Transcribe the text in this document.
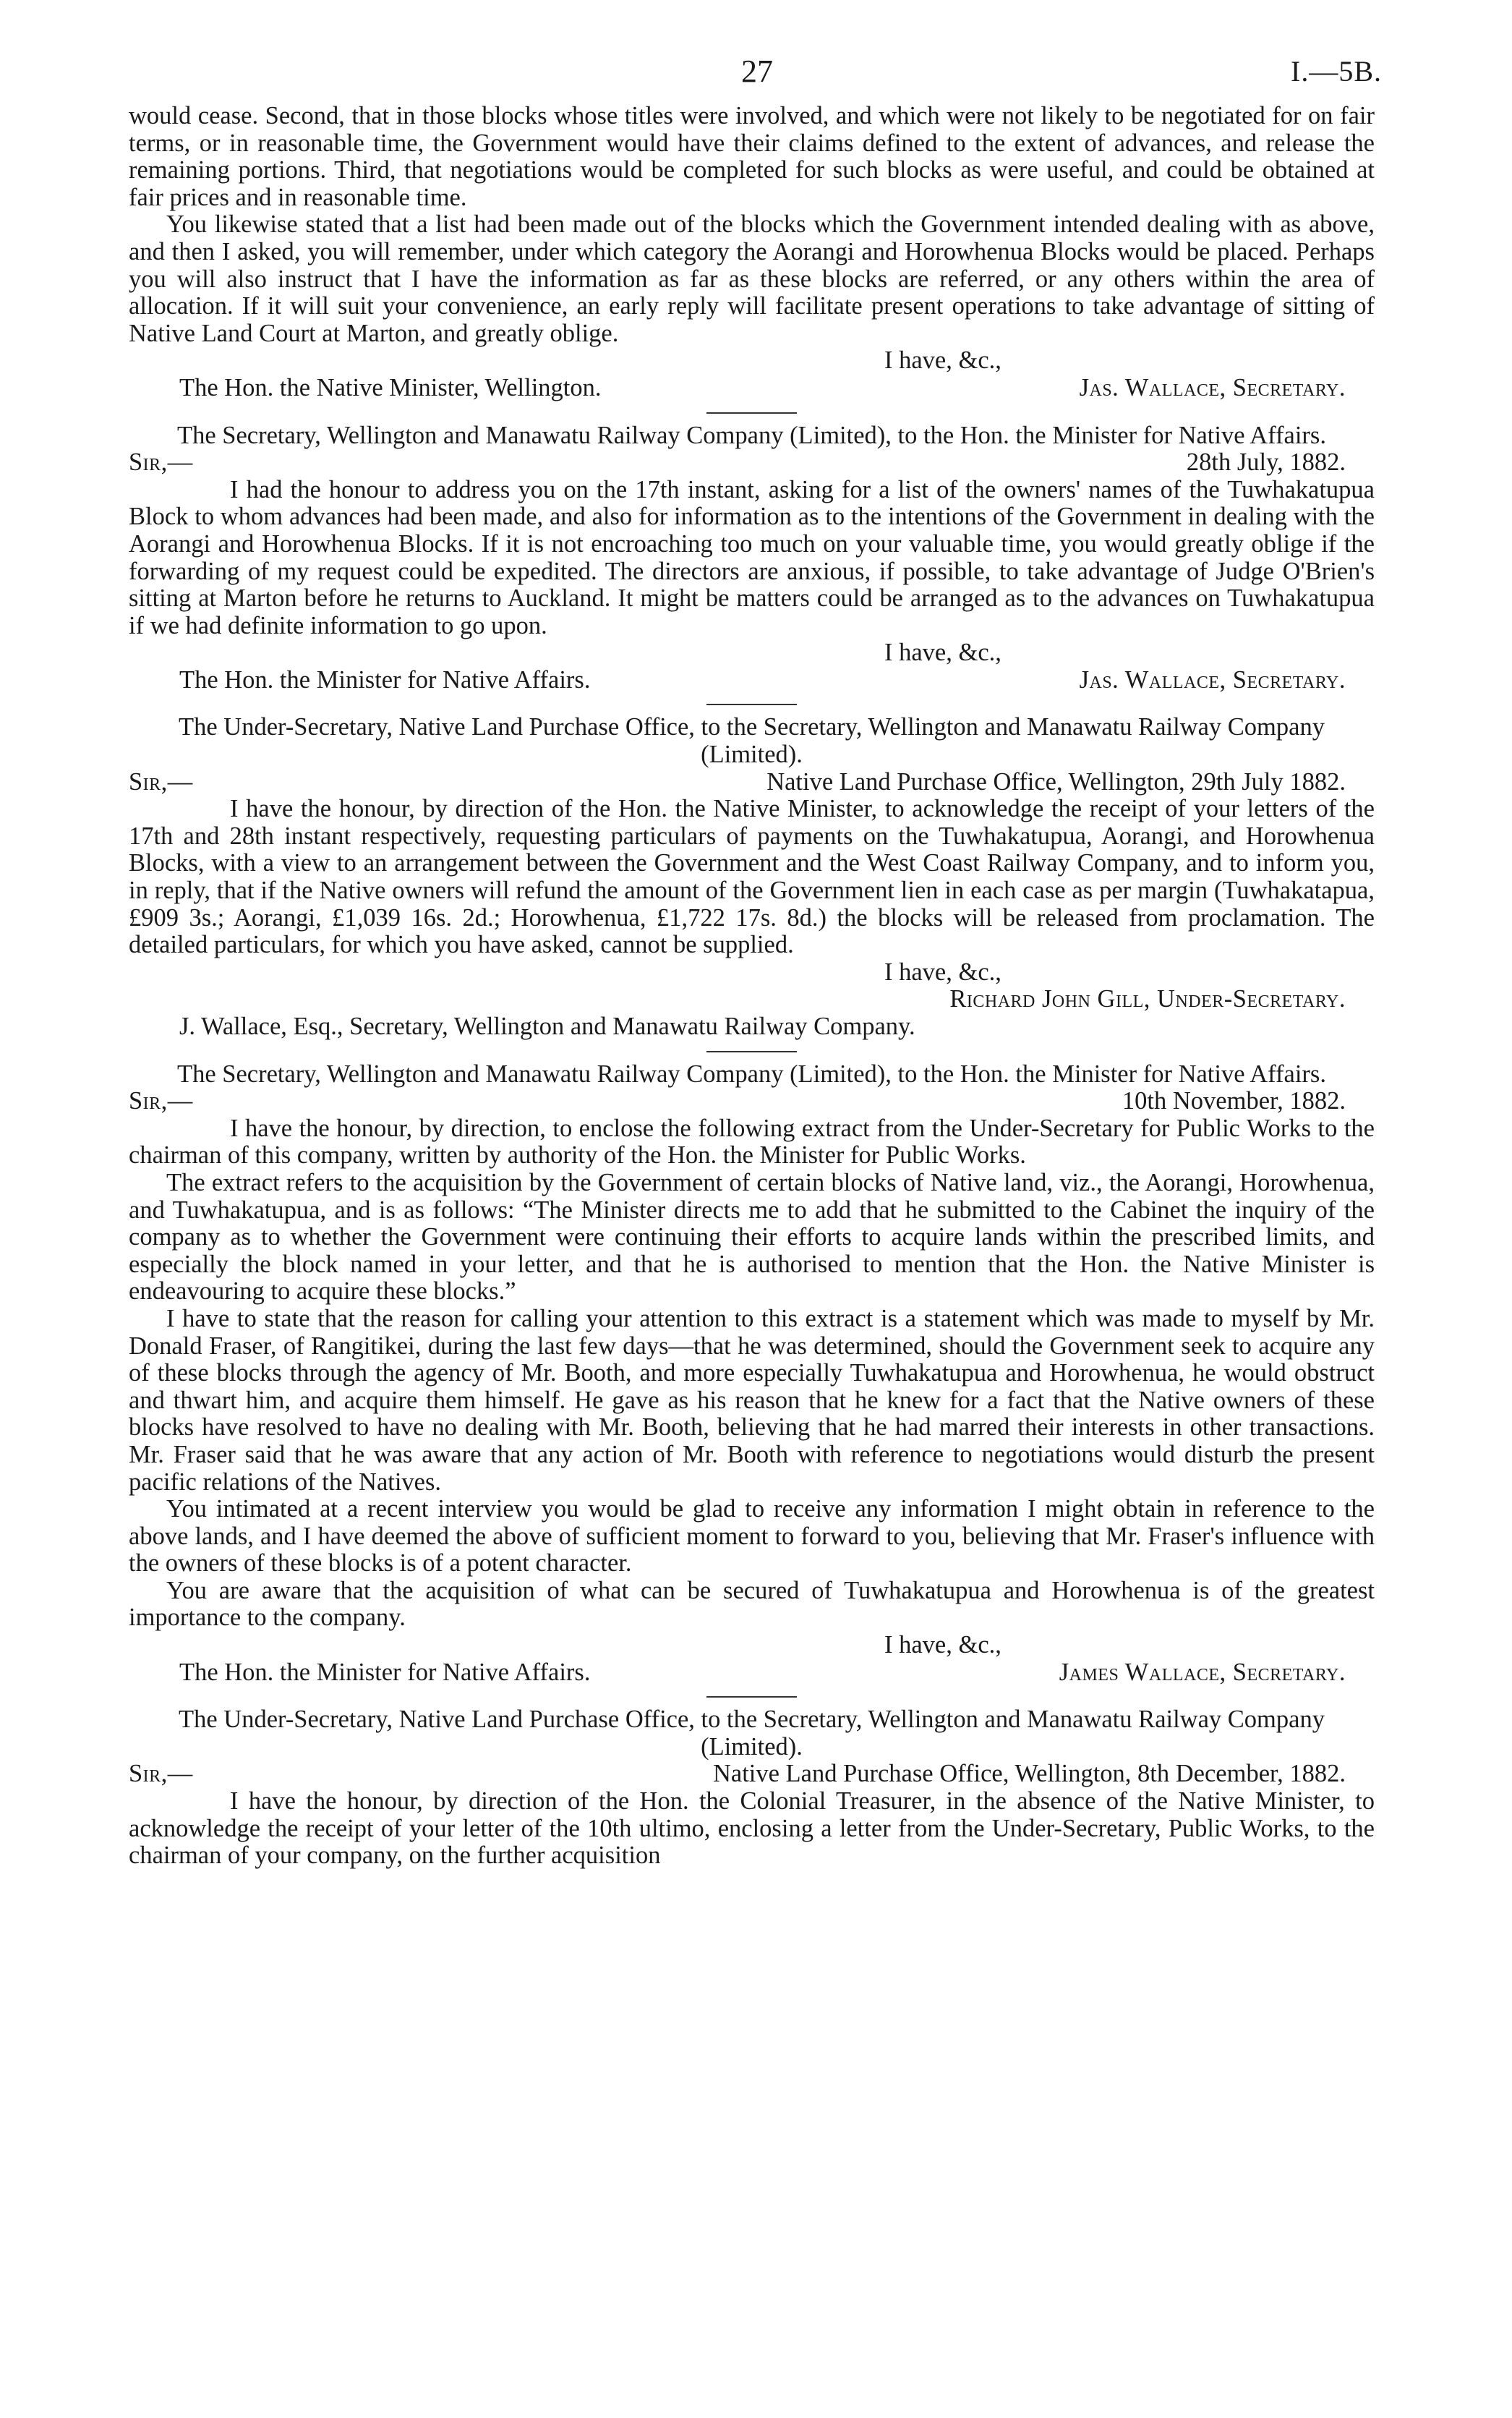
27	I.—5B.

would cease. Second, that in those blocks whose titles were involved, and which were not likely to be negotiated for on fair terms, or in reasonable time, the Government would have their claims defined to the extent of advances, and release the remaining portions. Third, that negotiations would be completed for such blocks as were useful, and could be obtained at fair prices and in reasonable time.

You likewise stated that a list had been made out of the blocks which the Government intended dealing with as above, and then I asked, you will remember, under which category the Aorangi and Horowhenua Blocks would be placed. Perhaps you will also instruct that I have the information as far as these blocks are referred, or any others within the area of allocation. If it will suit your convenience, an early reply will facilitate present operations to take advantage of sitting of Native Land Court at Marton, and greatly oblige.

I have, &c.,
The Hon. the Native Minister, Wellington.	Jas. Wallace, Secretary.
The Secretary, Wellington and Manawatu Railway Company (Limited), to the Hon. the Minister for Native Affairs.
Sir,—	28th July, 1882.

I had the honour to address you on the 17th instant, asking for a list of the owners' names of the Tuwhakatupua Block to whom advances had been made, and also for information as to the intentions of the Government in dealing with the Aorangi and Horowhenua Blocks. If it is not encroaching too much on your valuable time, you would greatly oblige if the forwarding of my request could be expedited. The directors are anxious, if possible, to take advantage of Judge O'Brien's sitting at Marton before he returns to Auckland. It might be matters could be arranged as to the advances on Tuwhakatupua if we had definite information to go upon.

I have, &c.,
The Hon. the Minister for Native Affairs.	Jas. Wallace, Secretary.
The Under-Secretary, Native Land Purchase Office, to the Secretary, Wellington and Manawatu Railway Company (Limited).
Sir,—	Native Land Purchase Office, Wellington, 29th July 1882.

I have the honour, by direction of the Hon. the Native Minister, to acknowledge the receipt of your letters of the 17th and 28th instant respectively, requesting particulars of payments on the Tuwhakatupua, Aorangi, and Horowhenua Blocks, with a view to an arrangement between the Government and the West Coast Railway Company, and to inform you, in reply, that if the Native owners will refund the amount of the Government lien in each case as per margin (Tuwhakatapua, £909 3s.; Aorangi, £1,039 16s. 2d.; Horowhenua, £1,722 17s. 8d.) the blocks will be released from proclamation. The detailed particulars, for which you have asked, cannot be supplied.

I have, &c.,
Richard John Gill, Under-Secretary.
J. Wallace, Esq., Secretary, Wellington and Manawatu Railway Company.
The Secretary, Wellington and Manawatu Railway Company (Limited), to the Hon. the Minister for Native Affairs.
Sir,—	10th November, 1882.

I have the honour, by direction, to enclose the following extract from the Under-Secretary for Public Works to the chairman of this company, written by authority of the Hon. the Minister for Public Works.

The extract refers to the acquisition by the Government of certain blocks of Native land, viz., the Aorangi, Horowhenua, and Tuwhakatupua, and is as follows: “The Minister directs me to add that he submitted to the Cabinet the inquiry of the company as to whether the Government were continuing their efforts to acquire lands within the prescribed limits, and especially the block named in your letter, and that he is authorised to mention that the Hon. the Native Minister is endeavouring to acquire these blocks.”

I have to state that the reason for calling your attention to this extract is a statement which was made to myself by Mr. Donald Fraser, of Rangitikei, during the last few days—that he was determined, should the Government seek to acquire any of these blocks through the agency of Mr. Booth, and more especially Tuwhakatupua and Horowhenua, he would obstruct and thwart him, and acquire them himself. He gave as his reason that he knew for a fact that the Native owners of these blocks have resolved to have no dealing with Mr. Booth, believing that he had marred their interests in other transactions. Mr. Fraser said that he was aware that any action of Mr. Booth with reference to negotiations would disturb the present pacific relations of the Natives.

You intimated at a recent interview you would be glad to receive any information I might obtain in reference to the above lands, and I have deemed the above of sufficient moment to forward to you, believing that Mr. Fraser's influence with the owners of these blocks is of a potent character.

You are aware that the acquisition of what can be secured of Tuwhakatupua and Horowhenua is of the greatest importance to the company.

I have, &c.,
The Hon. the Minister for Native Affairs.	James Wallace, Secretary.
The Under-Secretary, Native Land Purchase Office, to the Secretary, Wellington and Manawatu Railway Company (Limited).
Sir,—	Native Land Purchase Office, Wellington, 8th December, 1882.

I have the honour, by direction of the Hon. the Colonial Treasurer, in the absence of the Native Minister, to acknowledge the receipt of your letter of the 10th ultimo, enclosing a letter from the Under-Secretary, Public Works, to the chairman of your company, on the further acquisition
